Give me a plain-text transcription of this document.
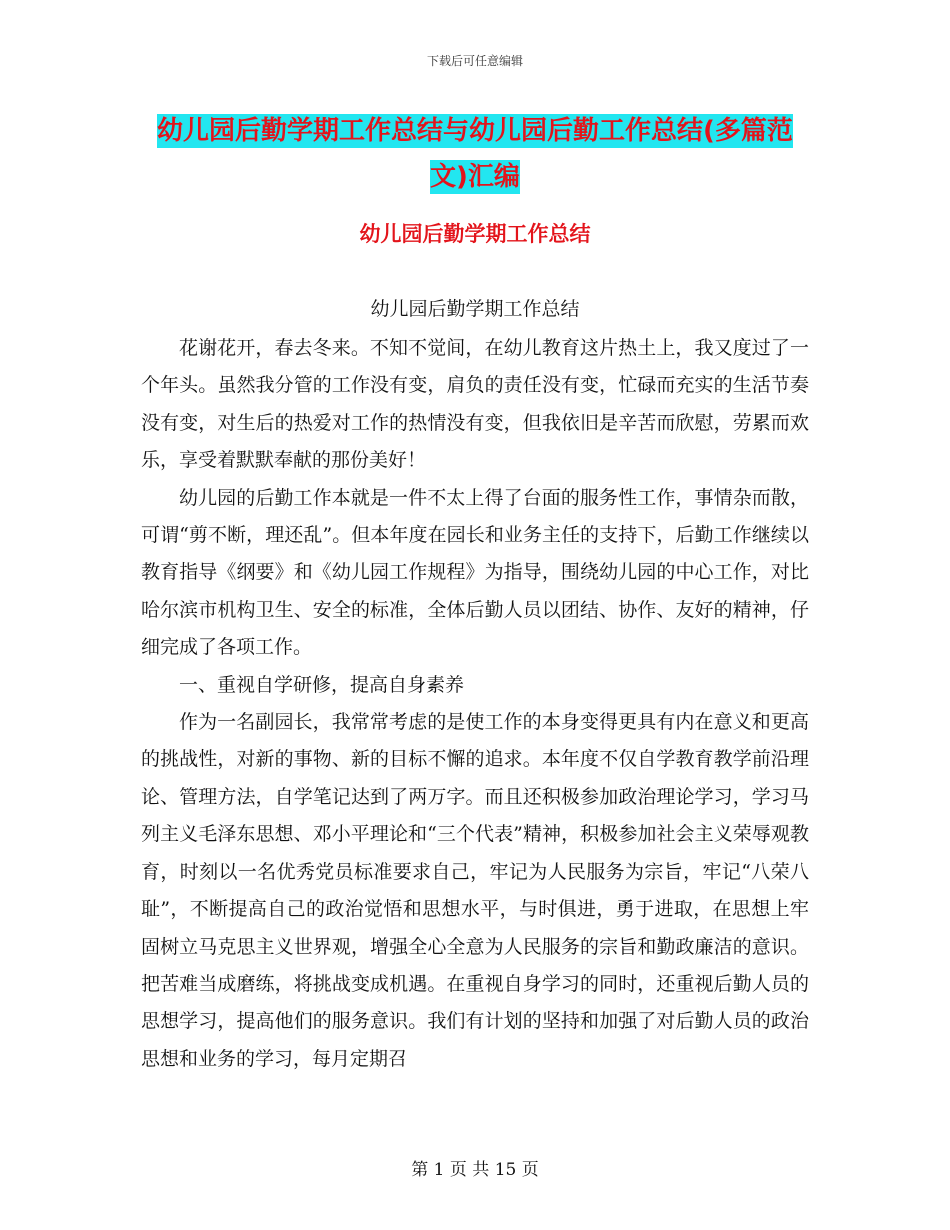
下载后可任意编辑
幼儿园后勤学期工作总结与幼儿园后勤工作总结(多篇范文)汇编
幼儿园后勤学期工作总结
幼儿园后勤学期工作总结

花谢花开，春去冬来。不知不觉间，在幼儿教育这片热土上，我又度过了一个年头。虽然我分管的工作没有变，肩负的责任没有变，忙碌而充实的生活节奏没有变，对生后的热爱对工作的热情没有变，但我依旧是辛苦而欣慰，劳累而欢乐，享受着默默奉献的那份美好！

幼儿园的后勤工作本就是一件不太上得了台面的服务性工作，事情杂而散，可谓“剪不断，理还乱”。但本年度在园长和业务主任的支持下，后勤工作继续以教育指导《纲要》和《幼儿园工作规程》为指导，围绕幼儿园的中心工作，对比哈尔滨市机构卫生、安全的标准，全体后勤人员以团结、协作、友好的精神，仔细完成了各项工作。

一、重视自学研修，提高自身素养

作为一名副园长，我常常考虑的是使工作的本身变得更具有内在意义和更高的挑战性，对新的事物、新的目标不懈的追求。本年度不仅自学教育教学前沿理论、管理方法，自学笔记达到了两万字。而且还积极参加政治理论学习，学习马列主义毛泽东思想、邓小平理论和“三个代表”精神，积极参加社会主义荣辱观教育，时刻以一名优秀党员标准要求自己，牢记为人民服务为宗旨，牢记“八荣八耻”，不断提高自己的政治觉悟和思想水平，与时俱进，勇于进取，在思想上牢固树立马克思主义世界观，增强全心全意为人民服务的宗旨和勤政廉洁的意识。把苦难当成磨练，将挑战变成机遇。在重视自身学习的同时，还重视后勤人员的思想学习，提高他们的服务意识。我们有计划的坚持和加强了对后勤人员的政治思想和业务的学习，每月定期召

第 1 页 共 15 页
